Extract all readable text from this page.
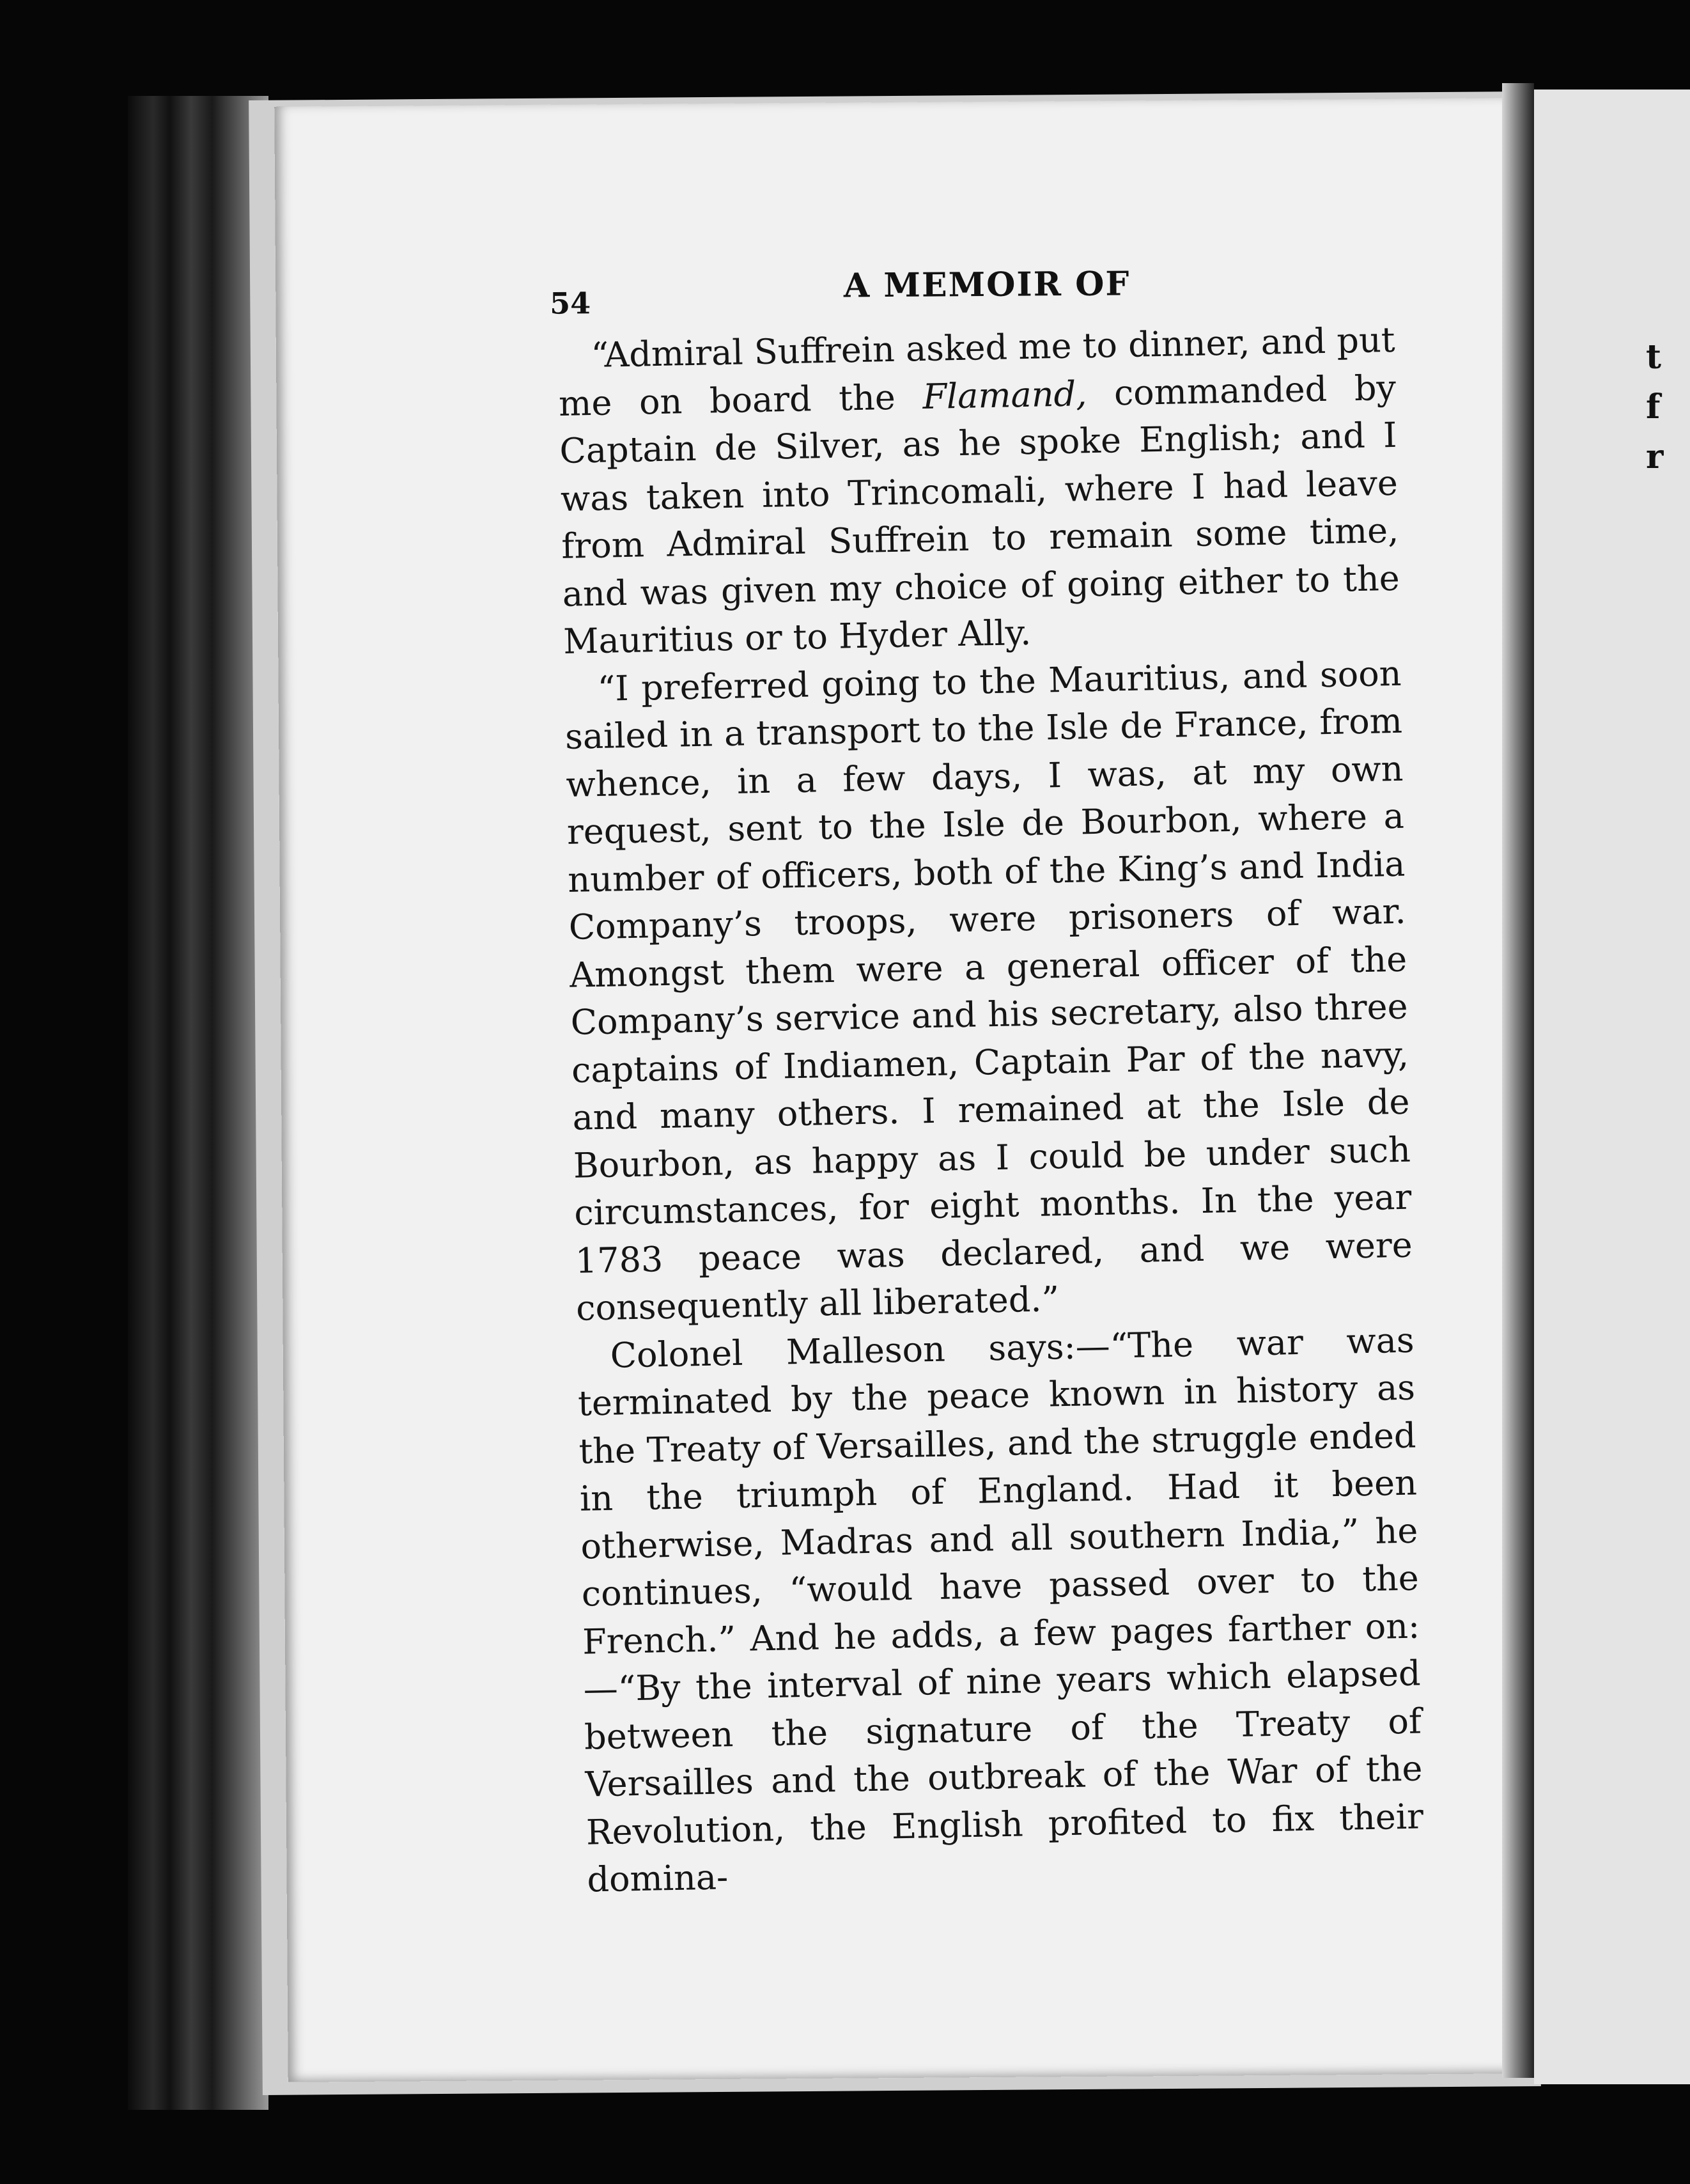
t
f
r
54	A MEMOIR OF

“Admiral Suffrein asked me to dinner, and put me on board the Flamand, commanded by Captain de Silver, as he spoke English; and I was taken into Trincomali, where I had leave from Admiral Suffrein to remain some time, and was given my choice of going either to the Mauritius or to Hyder Ally.

“I preferred going to the Mauritius, and soon sailed in a transport to the Isle de France, from whence, in a few days, I was, at my own request, sent to the Isle de Bourbon, where a number of officers, both of the King’s and India Company’s troops, were prisoners of war. Amongst them were a general officer of the Company’s service and his secretary, also three captains of Indiamen, Captain Par of the navy, and many others. I remained at the Isle de Bourbon, as happy as I could be under such circumstances, for eight months. In the year 1783 peace was declared, and we were consequently all liberated.”

Colonel Malleson says:—“The war was terminated by the peace known in history as the Treaty of Versailles, and the struggle ended in the triumph of England. Had it been otherwise, Madras and all southern India,” he continues, “would have passed over to the French.” And he adds, a few pages farther on:—“By the interval of nine years which elapsed between the signature of the Treaty of Versailles and the outbreak of the War of the Revolution, the English profited to fix their domina-
